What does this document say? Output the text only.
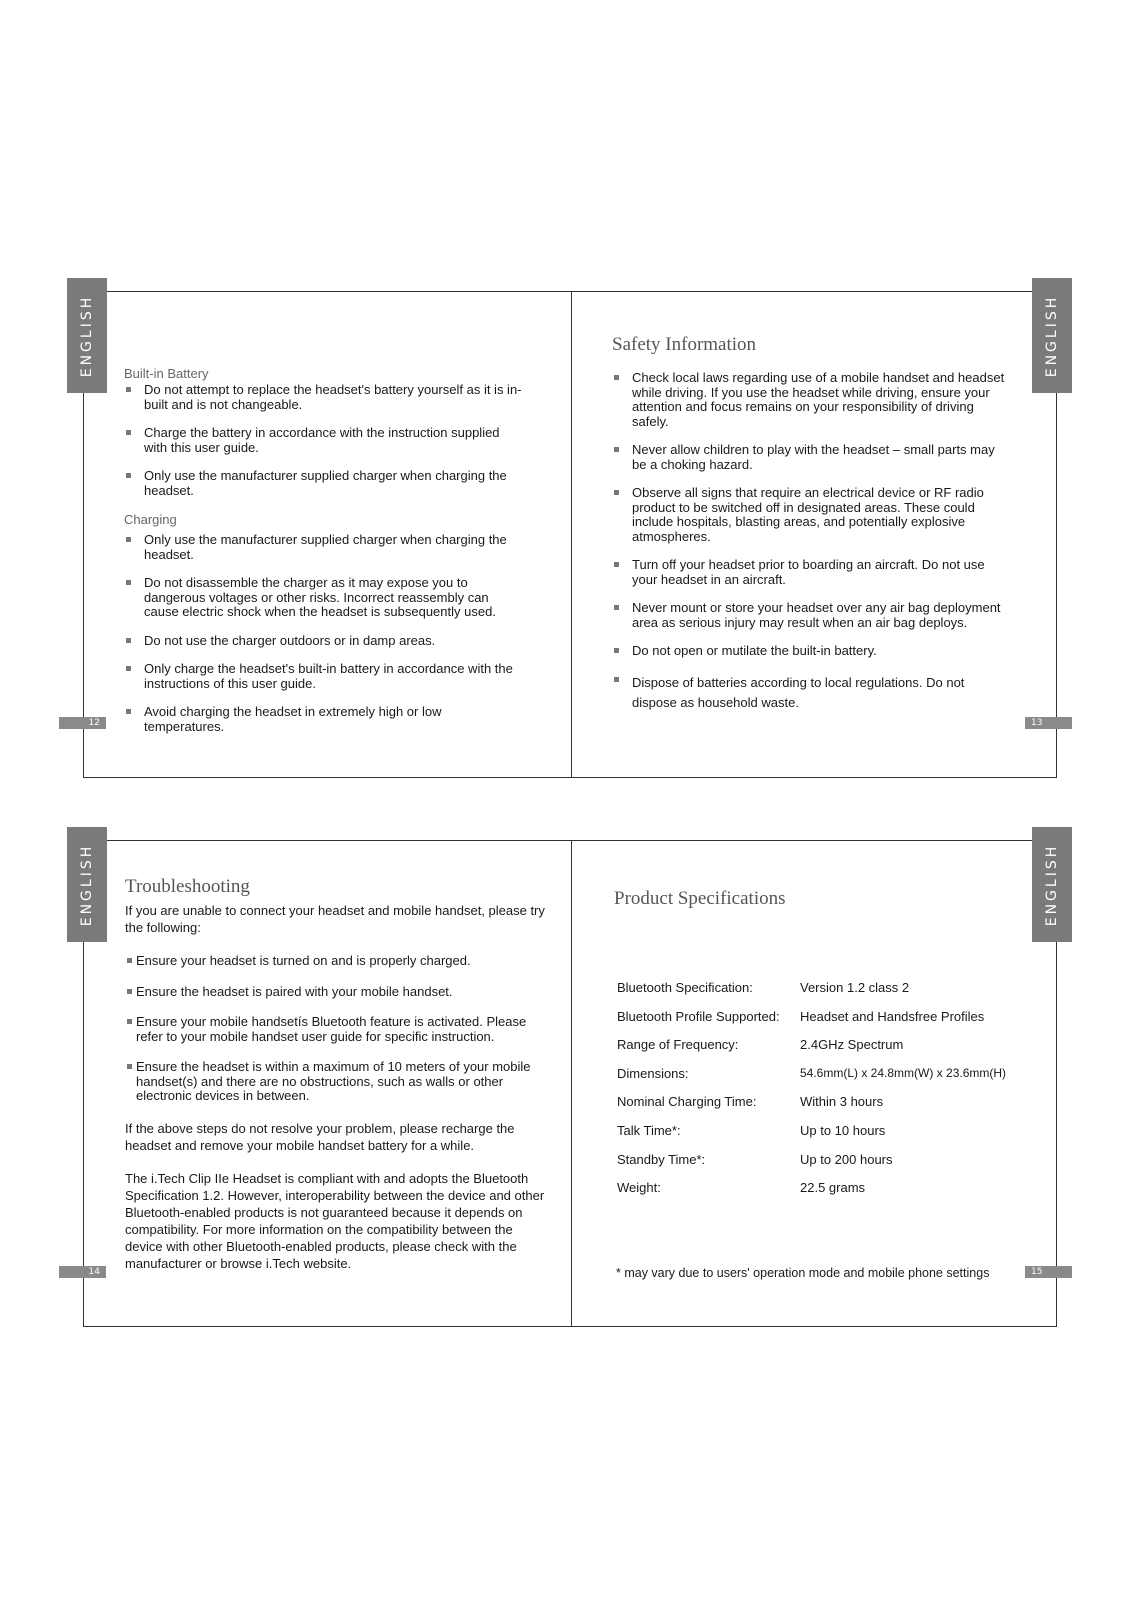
ENGLISH	ENGLISH
12	13
Built-in Battery
Do not attempt to replace the headset's battery yourself as it is in-built and is not changeable.
Charge the battery in accordance with the instruction supplied with this user guide.
Only use the manufacturer supplied charger when charging the headset.
Charging
Only use the manufacturer supplied charger when charging the headset.
Do not disassemble the charger as it may expose you to dangerous voltages or other risks. Incorrect reassembly can cause electric shock when the headset is subsequently used.
Do not use the charger outdoors or in damp areas.
Only charge the headset's built-in battery in accordance with the instructions of this user guide.
Avoid charging the headset in extremely high or low temperatures.
Safety Information
Check local laws regarding use of a mobile handset and headset while driving. If you use the headset while driving, ensure your attention and focus remains on your responsibility of driving safely.
Never allow children to play with the headset – small parts may be a choking hazard.
Observe all signs that require an electrical device or RF radio product to be switched off in designated areas. These could include hospitals, blasting areas, and potentially explosive atmospheres.
Turn off your headset prior to boarding an aircraft. Do not use your headset in an aircraft.
Never mount or store your headset over any air bag deployment area as serious injury may result when an air bag deploys.
Do not open or mutilate the built-in battery.
Dispose of batteries according to local regulations. Do not dispose as household waste.
ENGLISH	ENGLISH
14	15
Troubleshooting
If you are unable to connect your headset and mobile handset, please try the following:
Ensure your headset is turned on and is properly charged.
Ensure the headset is paired with your mobile handset.
Ensure your mobile handsetís Bluetooth feature is activated. Please refer to your mobile handset user guide for specific instruction.
Ensure the headset is within a maximum of 10 meters of your mobile handset(s) and there are no obstructions, such as walls or other electronic devices in between.
If the above steps do not resolve your problem, please recharge the headset and remove your mobile handset battery for a while.
The i.Tech Clip IIe Headset is compliant with and adopts the Bluetooth Specification 1.2. However, interoperability between the device and other Bluetooth-enabled products is not guaranteed because it depends on compatibility. For more information on the compatibility between the device with other Bluetooth-enabled products, please check with the manufacturer or browse i.Tech website.
Product Specifications
Bluetooth Specification:	Version 1.2 class 2
Bluetooth Profile Supported:	Headset and Handsfree Profiles
Range of Frequency:	2.4GHz Spectrum
Dimensions:	54.6mm(L) x 24.8mm(W) x 23.6mm(H)
Nominal Charging Time:	Within 3 hours
Talk Time*:	Up to 10 hours
Standby Time*:	Up to 200 hours
Weight:	22.5 grams
* may vary due to users' operation mode and mobile phone settings
